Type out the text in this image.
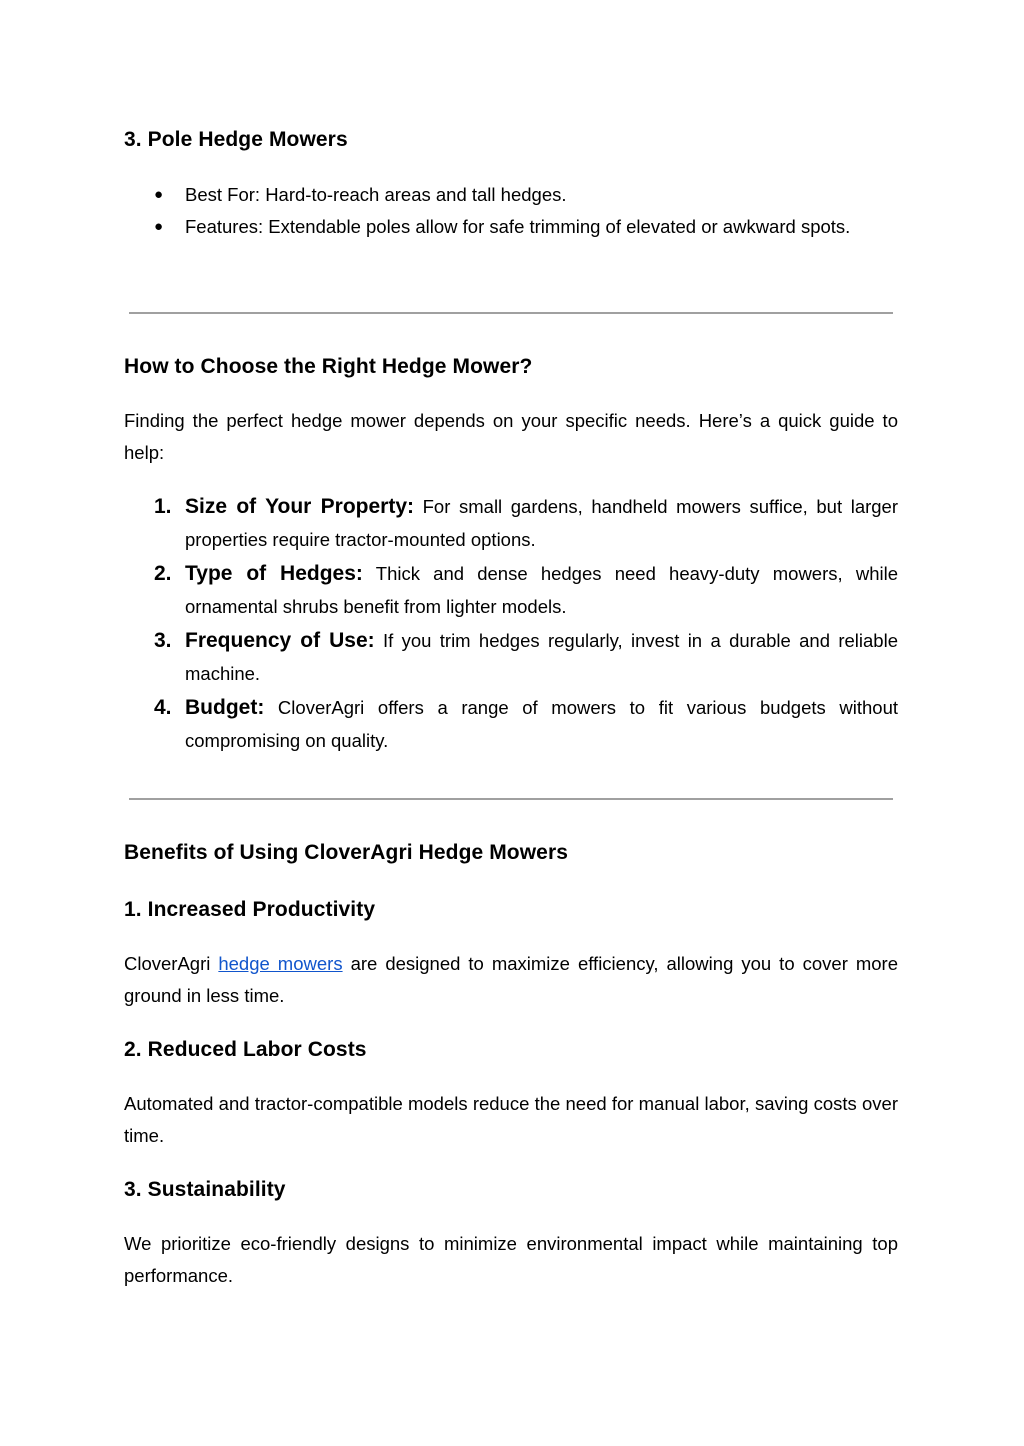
3. Pole Hedge Mowers
● Best For: Hard-to-reach areas and tall hedges.
● Features: Extendable poles allow for safe trimming of elevated or awkward spots.
How to Choose the Right Hedge Mower?

Finding the perfect hedge mower depends on your specific needs. Here’s a quick guide to help:

1. Size of Your Property: For small gardens, handheld mowers suffice, but larger properties require tractor-mounted options.
2. Type of Hedges: Thick and dense hedges need heavy-duty mowers, while ornamental shrubs benefit from lighter models.
3. Frequency of Use: If you trim hedges regularly, invest in a durable and reliable machine.
4. Budget: CloverAgri offers a range of mowers to fit various budgets without compromising on quality.
Benefits of Using CloverAgri Hedge Mowers
1. Increased Productivity

CloverAgri hedge mowers are designed to maximize efficiency, allowing you to cover more ground in less time.

2. Reduced Labor Costs

Automated and tractor-compatible models reduce the need for manual labor, saving costs over time.

3. Sustainability

We prioritize eco-friendly designs to minimize environmental impact while maintaining top performance.
